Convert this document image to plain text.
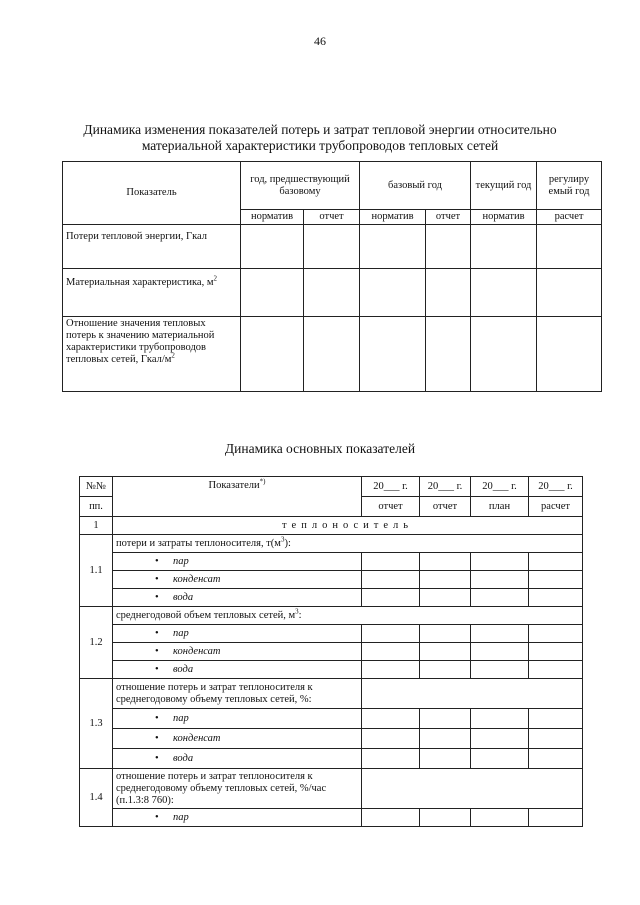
46
Динамика изменения показателей потерь и затрат тепловой энергии относительно
материальной характеристики трубопроводов тепловых сетей
Показатель	год, предшествующий базовому		базовый год		текущий год	регулиру емый год
	норматив	отчет	норматив	отчет	норматив	расчет
Потери тепловой энергии, Гкал						
Материальная характеристика, $м^2$						
Отношение значения тепловых потерь к значению материальной характеристики трубопроводов тепловых сетей, Гкал/$м^2$						
Динамика основных показателей
№№	Показатели*)	20___ г.	20___ г.	20___ г.	20___ г.
пп.		отчет	отчет	план	расчет
1	теплоноситель				
1.1	потери и затраты теплоносителя, $т(м^3)$:				
	• пар				
	• конденсат				
	• вода				
1.2	среднегодовой объем тепловых сетей, $м^3$:				
	• пар				
	• конденсат				
	• вода				
1.3	отношение потерь и затрат теплоносителя к среднегодовому объему тепловых сетей, %:				
	• пар				
	• конденсат				
	• вода				
1.4	отношение потерь и затрат теплоносителя к среднегодовому объему тепловых сетей, %/час (п.1.3:8 760):				
	• пар				
